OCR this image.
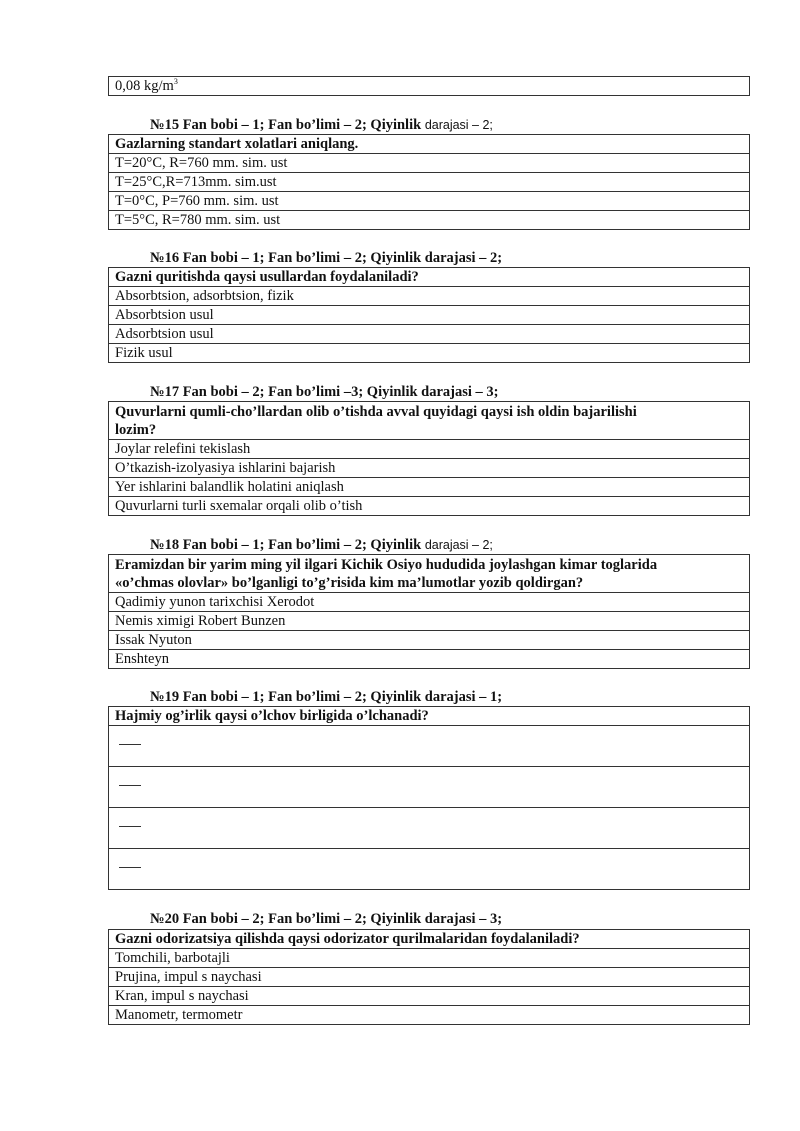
0,08 $kg/m^3$
№15 Fan bobi – 1; Fan bo’limi – 2; Qiyinlik darajasi – 2;
Gazlarning standart xolatlari aniqlang.
T=20°C, R=760 mm. sim. ust
T=25°C,R=713mm. sim.ust
T=0°C, P=760 mm. sim. ust
T=5°C, R=780 mm. sim. ust
№16 Fan bobi – 1; Fan bo’limi – 2; Qiyinlik darajasi – 2;
Gazni quritishda qaysi usullardan foydalaniladi?
Absorbtsion, adsorbtsion, fizik
Absorbtsion usul
Adsorbtsion usul
Fizik usul
№17 Fan bobi – 2; Fan bo’limi –3; Qiyinlik darajasi – 3;
Quvurlarni qumli-cho’llardan olib o’tishda avval quyidagi qaysi ish oldin bajarilishi
lozim?
Joylar relefini tekislash
O’tkazish-izolyasiya ishlarini bajarish
Yer ishlarini balandlik holatini aniqlash
Quvurlarni turli sxemalar orqali olib o’tish
№18 Fan bobi – 1; Fan bo’limi – 2; Qiyinlik darajasi – 2;
Eramizdan bir yarim ming yil ilgari Kichik Osiyo hududida joylashgan kimar toglarida
«o’chmas olovlar» bo’lganligi to’g’risida kim ma’lumotlar yozib qoldirgan?
Qadimiy yunon tarixchisi Xerodot
Nemis ximigi Robert Bunzen
Issak Nyuton
Enshteyn
№19 Fan bobi – 1; Fan bo’limi – 2; Qiyinlik darajasi – 1;
Hajmiy og’irlik qaysi o’lchov birligida o’lchanadi?

№20 Fan bobi – 2; Fan bo’limi – 2; Qiyinlik darajasi – 3;
Gazni odorizatsiya qilishda qaysi odorizator qurilmalaridan foydalaniladi?
Tomchili, barbotajli
Prujina, impul s naychasi
Kran, impul s naychasi
Manometr, termometr
